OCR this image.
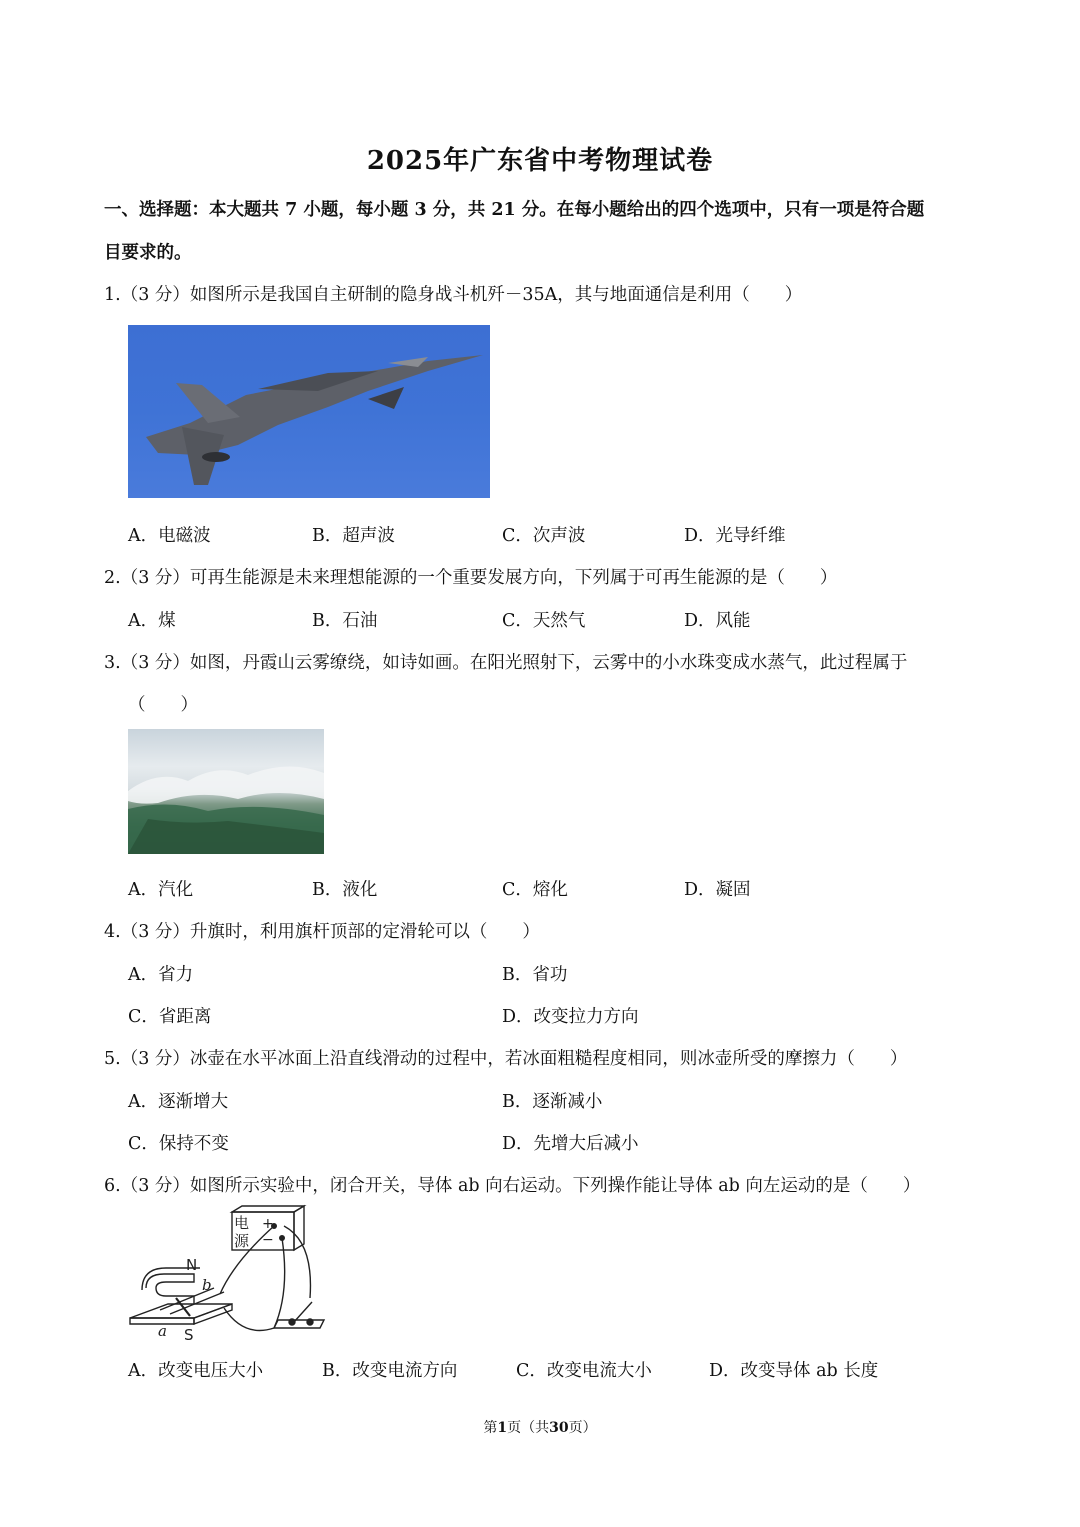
2025年广东省中考物理试卷
一、选择题：本大题共 7 小题，每小题 3 分，共 21 分。在每小题给出的四个选项中，只有一项是符合题
目要求的。
1.（3 分）如图所示是我国自主研制的隐身战斗机歼－35A，其与地面通信是利用（　　）
A．电磁波	B．超声波	C．次声波	D．光导纤维
2.（3 分）可再生能源是未来理想能源的一个重要发展方向，下列属于可再生能源的是（　　）
A．煤	B．石油	C．天然气	D．风能
3.（3 分）如图，丹霞山云雾缭绕，如诗如画。在阳光照射下，云雾中的小水珠变成水蒸气，此过程属于
（　　）
A．汽化	B．液化	C．熔化	D．凝固
4.（3 分）升旗时，利用旗杆顶部的定滑轮可以（　　）
A．省力	B．省功
C．省距离	D．改变拉力方向
5.（3 分）冰壶在水平冰面上沿直线滑动的过程中，若冰面粗糙程度相同，则冰壶所受的摩擦力（　　）
A．逐渐增大	B．逐渐减小
C．保持不变	D．先增大后减小
6.（3 分）如图所示实验中，闭合开关，导体 ab 向右运动。下列操作能让导体 ab 向左运动的是（　　）
电
源
+
−
N
S
a
b
A．改变电压大小	B．改变电流方向	C．改变电流大小	D．改变导体 ab 长度
第1页（共30页）
